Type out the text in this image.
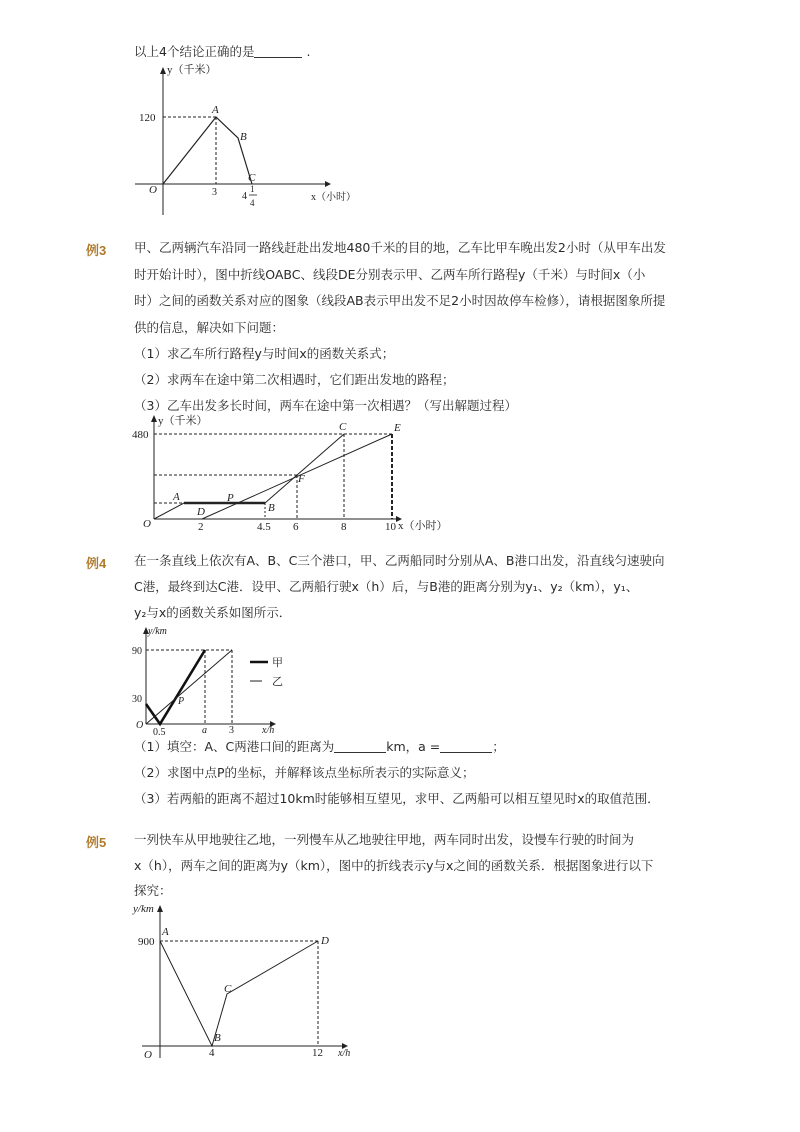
以上4个结论正确的是	.
y（千米）
x（小时）
O
120
3	4
1
4
A
B
C
例3 甲、乙两辆汽车沿同一路线赶赴出发地480千米的目的地，乙车比甲车晚出发2小时（从甲车出发
时开始计时），图中折线OABC、线段DE分别表示甲、乙两车所行路程y（千米）与时间x（小
时）之间的函数关系对应的图象（线段AB表示甲出发不足2小时因故停车检修），请根据图象所提
供的信息，解决如下问题：
（1）求乙车所行路程y与时间x的函数关系式；
（2）求两车在途中第二次相遇时，它们距出发地的路程；
（3）乙车出发多长时间，两车在途中第一次相遇？（写出解题过程）
y（千米）
x（小时）
O
480
2	4.5 6	8	10
A
B
C
D
E
F
P
例4 在一条直线上依次有A、B、C三个港口，甲、乙两船同时分别从A、B港口出发，沿直线匀速驶向
C港，最终到达C港．设甲、乙两船行驶x（h）后，与B港的距离分别为y₁、y₂（km），y₁、
y₂与x的函数关系如图所示．
甲
乙
y/km
x/h
O
90
30
0.5	a 3
P
（1）填空：A、C两港口间的距离为	km，a =	；
（2）求图中点P的坐标，并解释该点坐标所表示的实际意义；
（3）若两船的距离不超过10km时能够相互望见，求甲、乙两船可以相互望见时x的取值范围．
例5 一列快车从甲地驶往乙地，一列慢车从乙地驶往甲地，两车同时出发，设慢车行驶的时间为
x（h），两车之间的距离为y（km），图中的折线表示y与x之间的函数关系．根据图象进行以下
探究：
y/km
x/h
O
900
4	12
A
B
C
D
